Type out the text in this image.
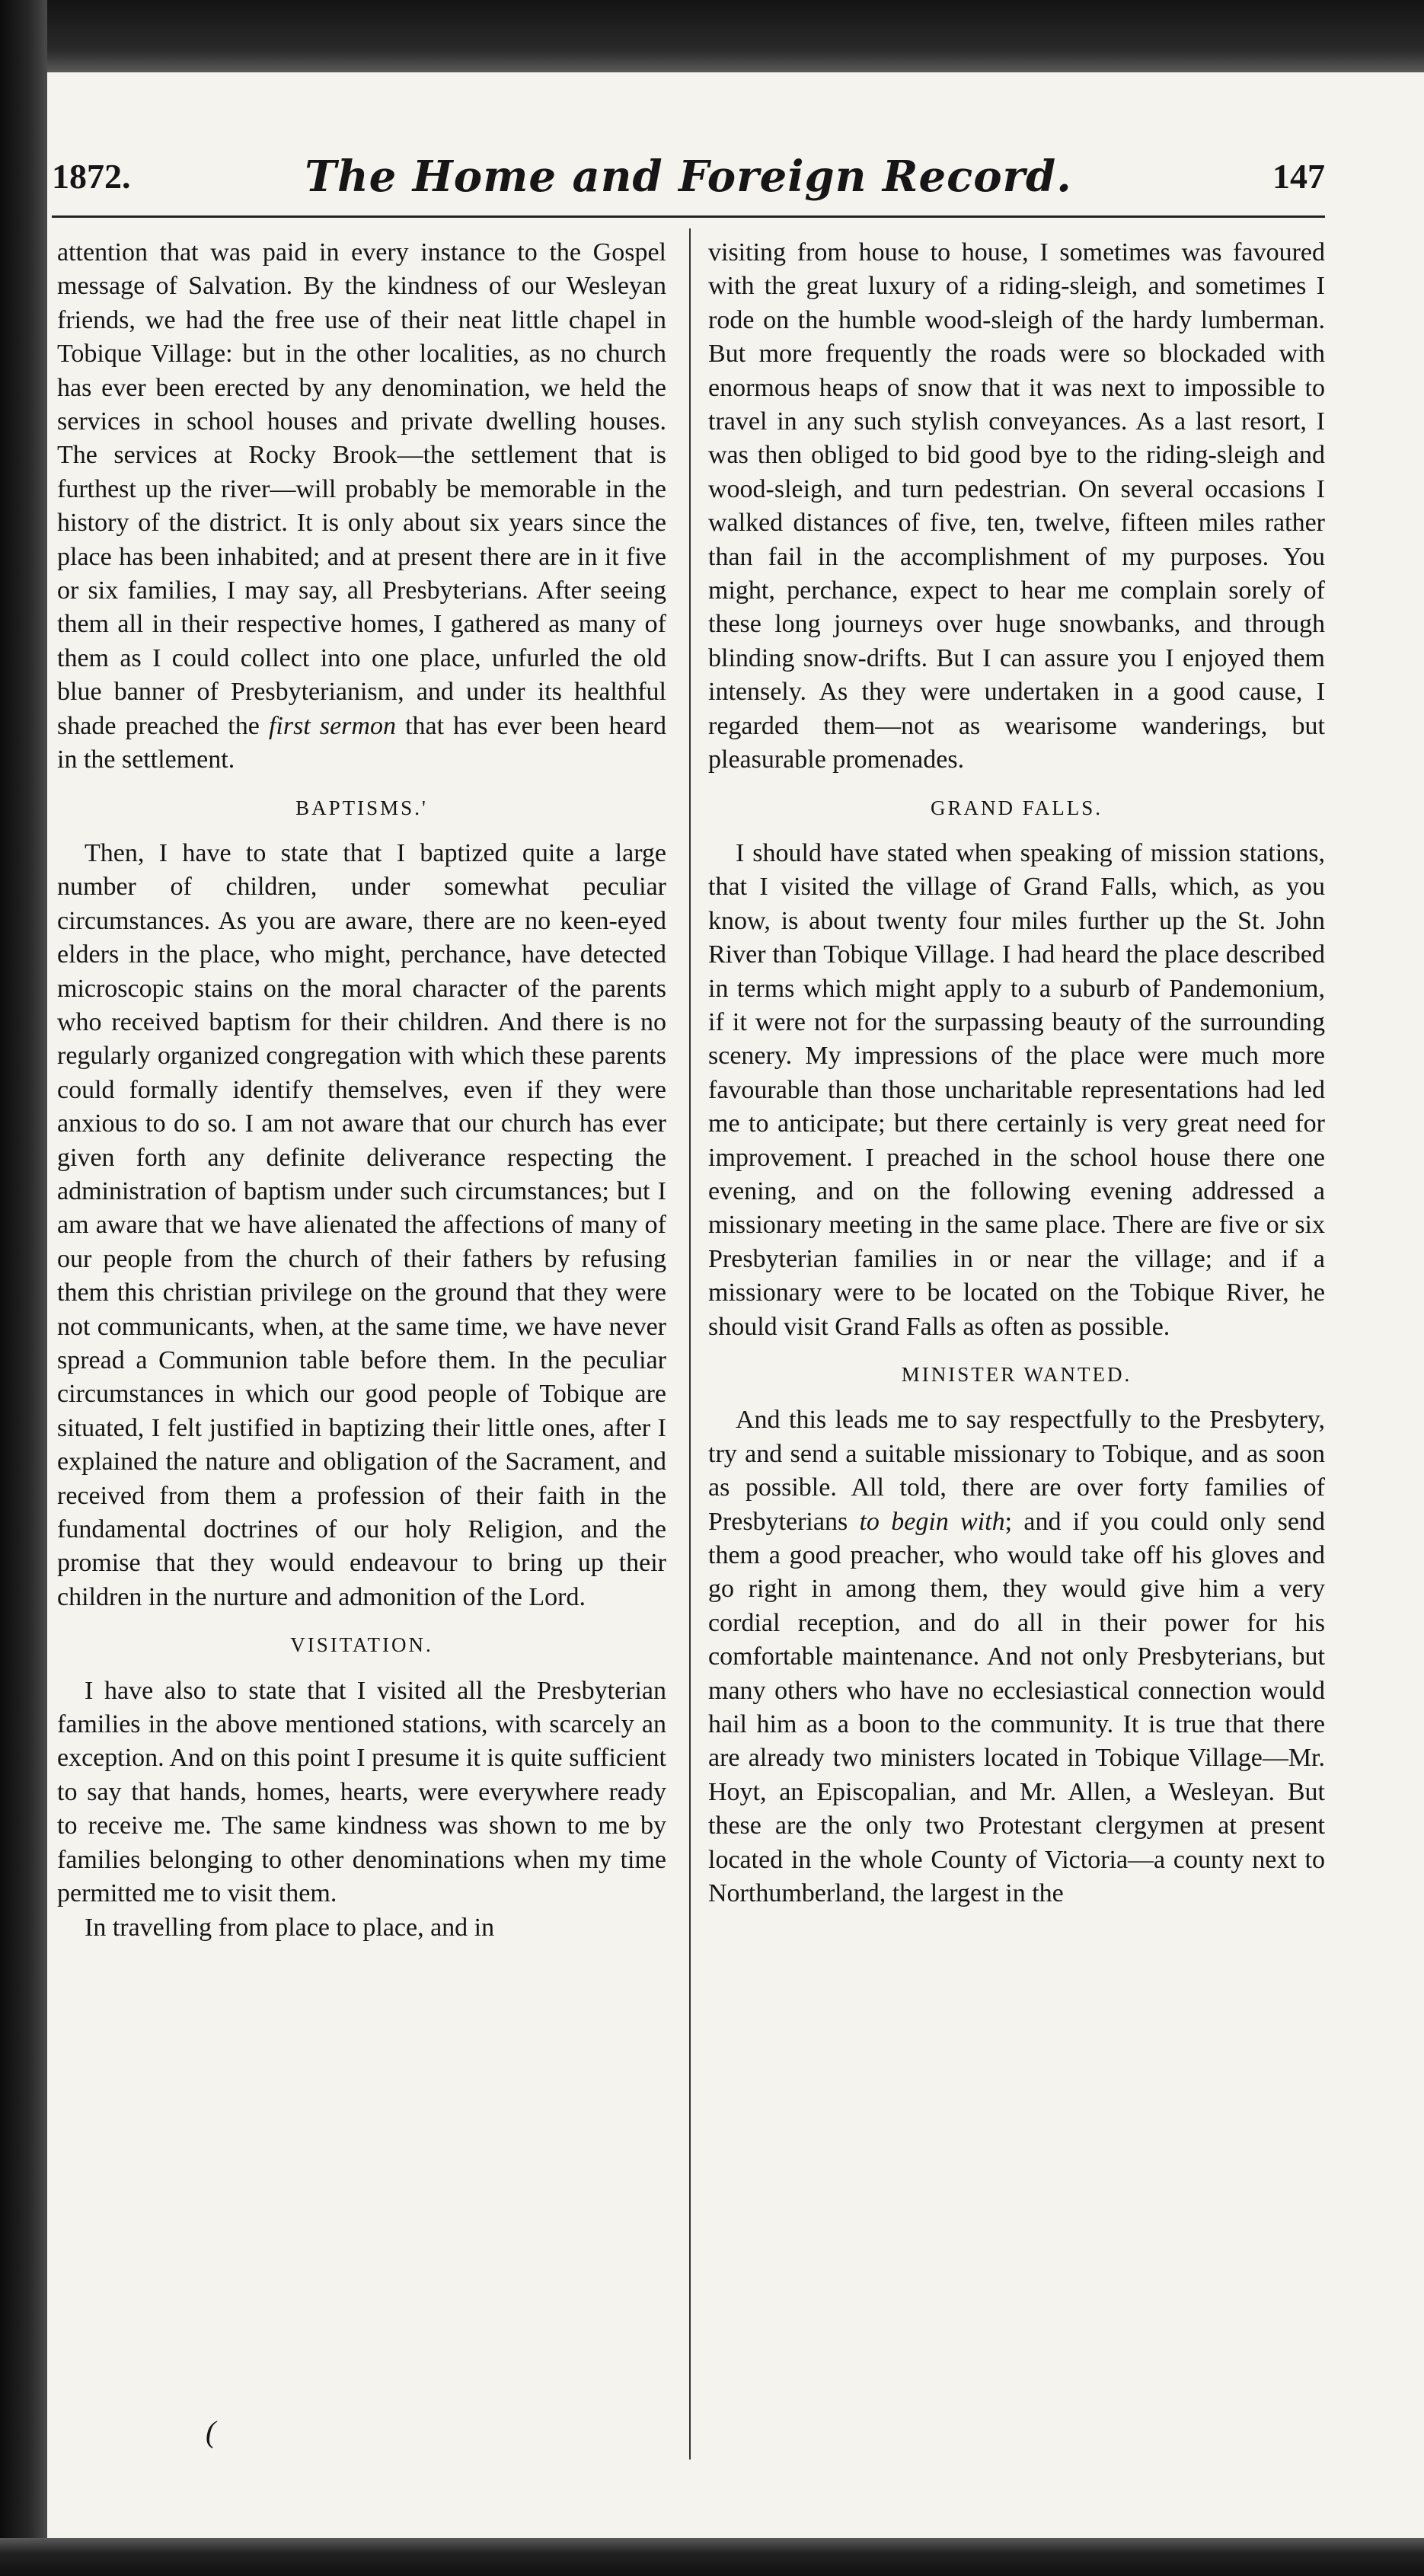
1872.	The Home and Foreign Record.	147

attention that was paid in every instance to the Gospel message of Salvation. By the kindness of our Wesleyan friends, we had the free use of their neat little chapel in Tobique Village: but in the other localities, as no church has ever been erected by any denomination, we held the services in school houses and private dwelling houses. The services at Rocky Brook—the settlement that is furthest up the river—will probably be memorable in the history of the district. It is only about six years since the place has been inhabited; and at present there are in it five or six families, I may say, all Presbyterians. After seeing them all in their respective homes, I gathered as many of them as I could collect into one place, unfurled the old blue banner of Presbyterianism, and under its healthful shade preached the first sermon that has ever been heard in the settlement.

BAPTISMS.'

Then, I have to state that I baptized quite a large number of children, under somewhat peculiar circumstances. As you are aware, there are no keen-eyed elders in the place, who might, perchance, have detected microscopic stains on the moral character of the parents who received baptism for their children. And there is no regularly organized congregation with which these parents could formally identify themselves, even if they were anxious to do so. I am not aware that our church has ever given forth any definite deliverance respecting the administration of baptism under such circumstances; but I am aware that we have alienated the affections of many of our people from the church of their fathers by refusing them this christian privilege on the ground that they were not communicants, when, at the same time, we have never spread a Communion table before them. In the peculiar circumstances in which our good people of Tobique are situated, I felt justified in baptizing their little ones, after I explained the nature and obligation of the Sacrament, and received from them a profession of their faith in the fundamental doctrines of our holy Religion, and the promise that they would endeavour to bring up their children in the nurture and admonition of the Lord.

VISITATION.

I have also to state that I visited all the Presbyterian families in the above mentioned stations, with scarcely an exception. And on this point I presume it is quite sufficient to say that hands, homes, hearts, were everywhere ready to receive me. The same kindness was shown to me by families belonging to other denominations when my time permitted me to visit them.

In travelling from place to place, and in

visiting from house to house, I sometimes was favoured with the great luxury of a riding-sleigh, and sometimes I rode on the humble wood-sleigh of the hardy lumberman. But more frequently the roads were so blockaded with enormous heaps of snow that it was next to impossible to travel in any such stylish conveyances. As a last resort, I was then obliged to bid good bye to the riding-sleigh and wood-sleigh, and turn pedestrian. On several occasions I walked distances of five, ten, twelve, fifteen miles rather than fail in the accomplishment of my purposes. You might, perchance, expect to hear me complain sorely of these long journeys over huge snowbanks, and through blinding snow-drifts. But I can assure you I enjoyed them intensely. As they were undertaken in a good cause, I regarded them—not as wearisome wanderings, but pleasurable promenades.

GRAND FALLS.

I should have stated when speaking of mission stations, that I visited the village of Grand Falls, which, as you know, is about twenty four miles further up the St. John River than Tobique Village. I had heard the place described in terms which might apply to a suburb of Pandemonium, if it were not for the surpassing beauty of the surrounding scenery. My impressions of the place were much more favourable than those uncharitable representations had led me to anticipate; but there certainly is very great need for improvement. I preached in the school house there one evening, and on the following evening addressed a missionary meeting in the same place. There are five or six Presbyterian families in or near the village; and if a missionary were to be located on the Tobique River, he should visit Grand Falls as often as possible.

MINISTER WANTED.

And this leads me to say respectfully to the Presbytery, try and send a suitable missionary to Tobique, and as soon as possible. All told, there are over forty families of Presbyterians to begin with; and if you could only send them a good preacher, who would take off his gloves and go right in among them, they would give him a very cordial reception, and do all in their power for his comfortable maintenance. And not only Presbyterians, but many others who have no ecclesiastical connection would hail him as a boon to the community. It is true that there are already two ministers located in Tobique Village—Mr. Hoyt, an Episcopalian, and Mr. Allen, a Wesleyan. But these are the only two Protestant clergymen at present located in the whole County of Victoria—a county next to Northumberland, the largest in the

(
